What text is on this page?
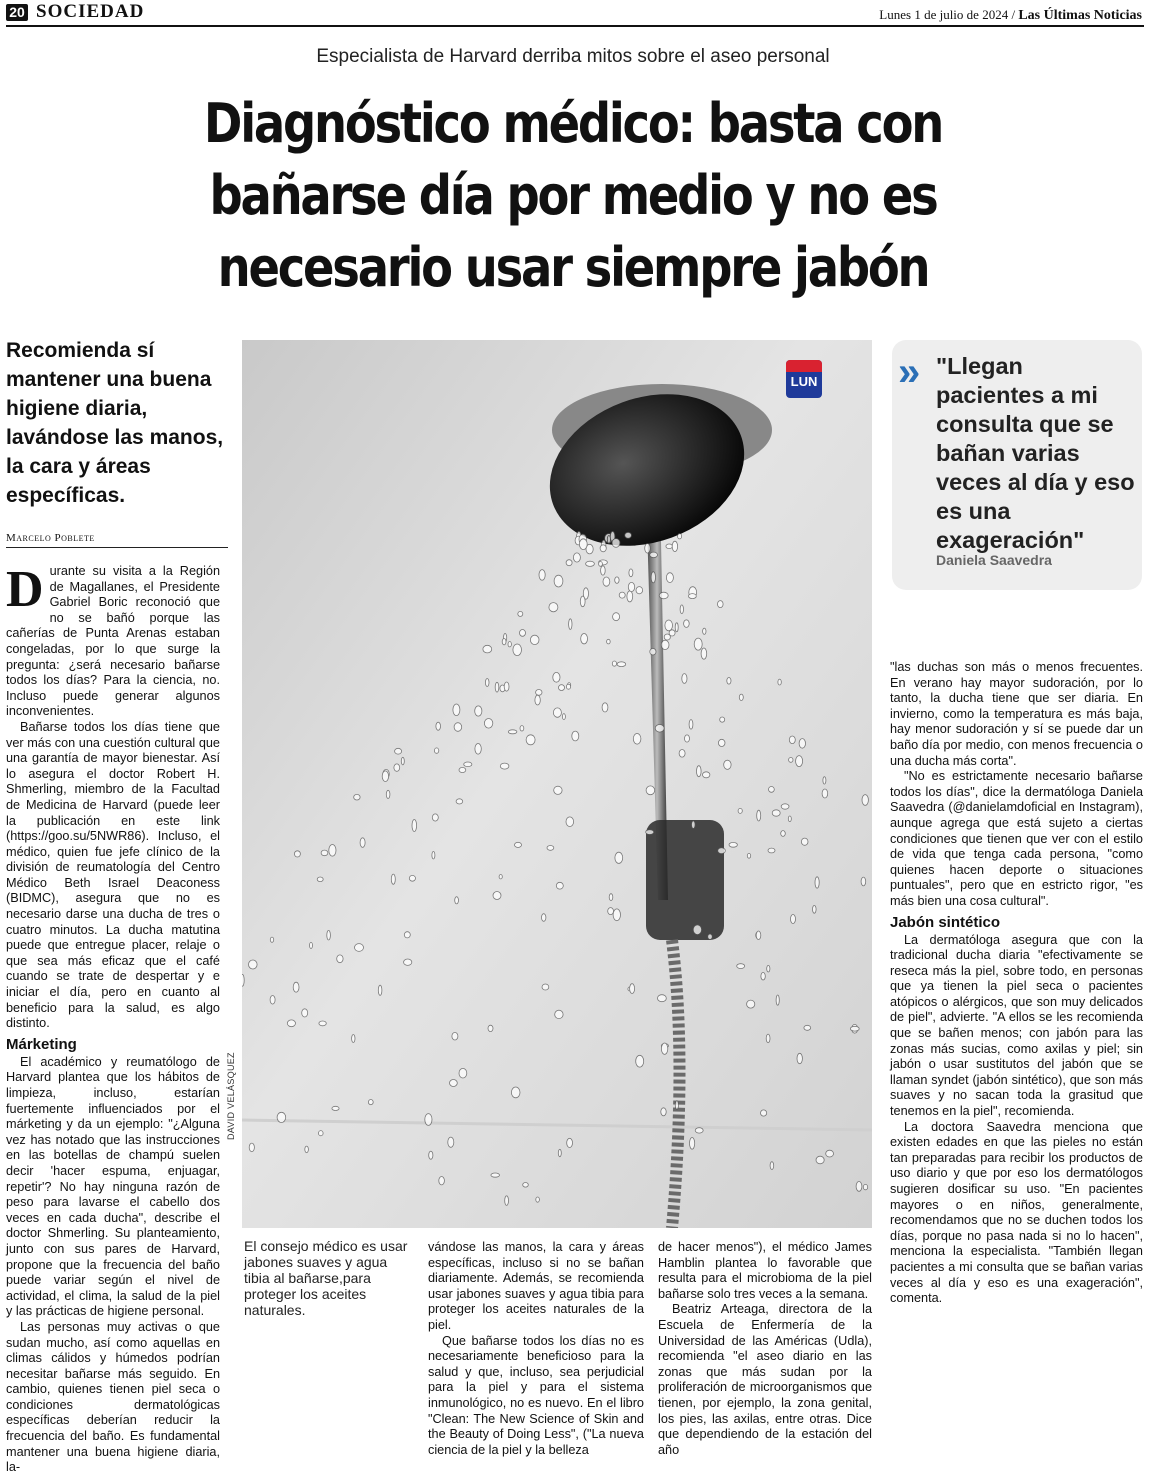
20 SOCIEDAD	Lunes 1 de julio de 2024 / Las Últimas Noticias
Especialista de Harvard derriba mitos sobre el aseo personal
Diagnóstico médico: basta con
bañarse día por medio y no es
necesario usar siempre jabón
Recomienda sí mantener una buena higiene diaria, lavándose las manos, la cara y áreas específicas.
Marcelo Poblete

Durante su visita a la Región de Magallanes, el Presidente Gabriel Boric reconoció que no se bañó porque las cañerías de Punta Arenas estaban congeladas, por lo que surge la pregunta: ¿será necesario bañarse todos los días? Para la ciencia, no. Incluso puede generar algunos inconvenientes.

Bañarse todos los días tiene que ver más con una cuestión cultural que una garantía de mayor bienestar. Así lo asegura el doctor Robert H. Shmerling, miembro de la Facultad de Medicina de Harvard (puede leer la publicación en este link (https://goo.su/5NWR86). Incluso, el médico, quien fue jefe clínico de la división de reumatología del Centro Médico Beth Israel Deaconess (BIDMC), asegura que no es necesario darse una ducha de tres o cuatro minutos. La ducha matutina puede que entregue placer, relaje o que sea más eficaz que el café cuando se trate de despertar y e iniciar el día, pero en cuanto al beneficio para la salud, es algo distinto.

Márketing

El académico y reumatólogo de Harvard plantea que los hábitos de limpieza, incluso, estarían fuertemente influenciados por el márketing y da un ejemplo: "¿Alguna vez has notado que las instrucciones en las botellas de champú suelen decir 'hacer espuma, enjuagar, repetir'? No hay ninguna razón de peso para lavarse el cabello dos veces en cada ducha", describe el doctor Shmerling. Su planteamiento, junto con sus pares de Harvard, propone que la frecuencia del baño puede variar según el nivel de actividad, el clima, la salud de la piel y las prácticas de higiene personal.

Las personas muy activas o que sudan mucho, así como aquellas en climas cálidos y húmedos podrían necesitar bañarse más seguido. En cambio, quienes tienen piel seca o condiciones dermatológicas específicas deberían reducir la frecuencia del baño. Es fundamental mantener una buena higiene diaria, la-

LUN
DAVID VELÁSQUEZ
El consejo médico es usar jabones suaves y agua tibia al bañarse,para proteger los aceites naturales.
» "Llegan pacientes a mi consulta que se bañan varias veces al día y eso es una exageración"
Daniela Saavedra

vándose las manos, la cara y áreas específicas, incluso si no se bañan diariamente. Además, se recomienda usar jabones suaves y agua tibia para proteger los aceites naturales de la piel.

Que bañarse todos los días no es necesariamente beneficioso para la salud y que, incluso, sea perjudicial para la piel y para el sistema inmunológico, no es nuevo. En el libro "Clean: The New Science of Skin and the Beauty of Doing Less", ("La nueva ciencia de la piel y la belleza

de hacer menos"), el médico James Hamblin plantea lo favorable que resulta para el microbioma de la piel bañarse solo tres veces a la semana.

Beatriz Arteaga, directora de la Escuela de Enfermería de la Universidad de las Américas (Udla), recomienda "el aseo diario en las zonas que más sudan por la proliferación de microorganismos que tienen, por ejemplo, la zona genital, los pies, las axilas, entre otras. Dice que dependiendo de la estación del año

"las duchas son más o menos frecuentes. En verano hay mayor sudoración, por lo tanto, la ducha tiene que ser diaria. En invierno, como la temperatura es más baja, hay menor sudoración y sí se puede dar un baño día por medio, con menos frecuencia o una ducha más corta".

"No es estrictamente necesario bañarse todos los días", dice la dermatóloga Daniela Saavedra (@danielamdoficial en Instagram), aunque agrega que está sujeto a ciertas condiciones que tienen que ver con el estilo de vida que tenga cada persona, "como quienes hacen deporte o situaciones puntuales", pero que en estricto rigor, "es más bien una cosa cultural".

Jabón sintético

La dermatóloga asegura que con la tradicional ducha diaria "efectivamente se reseca más la piel, sobre todo, en personas que ya tienen la piel seca o pacientes atópicos o alérgicos, que son muy delicados de piel", advierte. "A ellos se les recomienda que se bañen menos; con jabón para las zonas más sucias, como axilas y piel; sin jabón o usar sustitutos del jabón que se llaman syndet (jabón sintético), que son más suaves y no sacan toda la grasitud que tenemos en la piel", recomienda.

La doctora Saavedra menciona que existen edades en que las pieles no están tan preparadas para recibir los productos de uso diario y que por eso los dermatólogos sugieren dosificar su uso. "En pacientes mayores o en niños, generalmente, recomendamos que no se duchen todos los días, porque no pasa nada si no lo hacen", menciona la especialista. "También llegan pacientes a mi consulta que se bañan varias veces al día y eso es una exageración", comenta.
